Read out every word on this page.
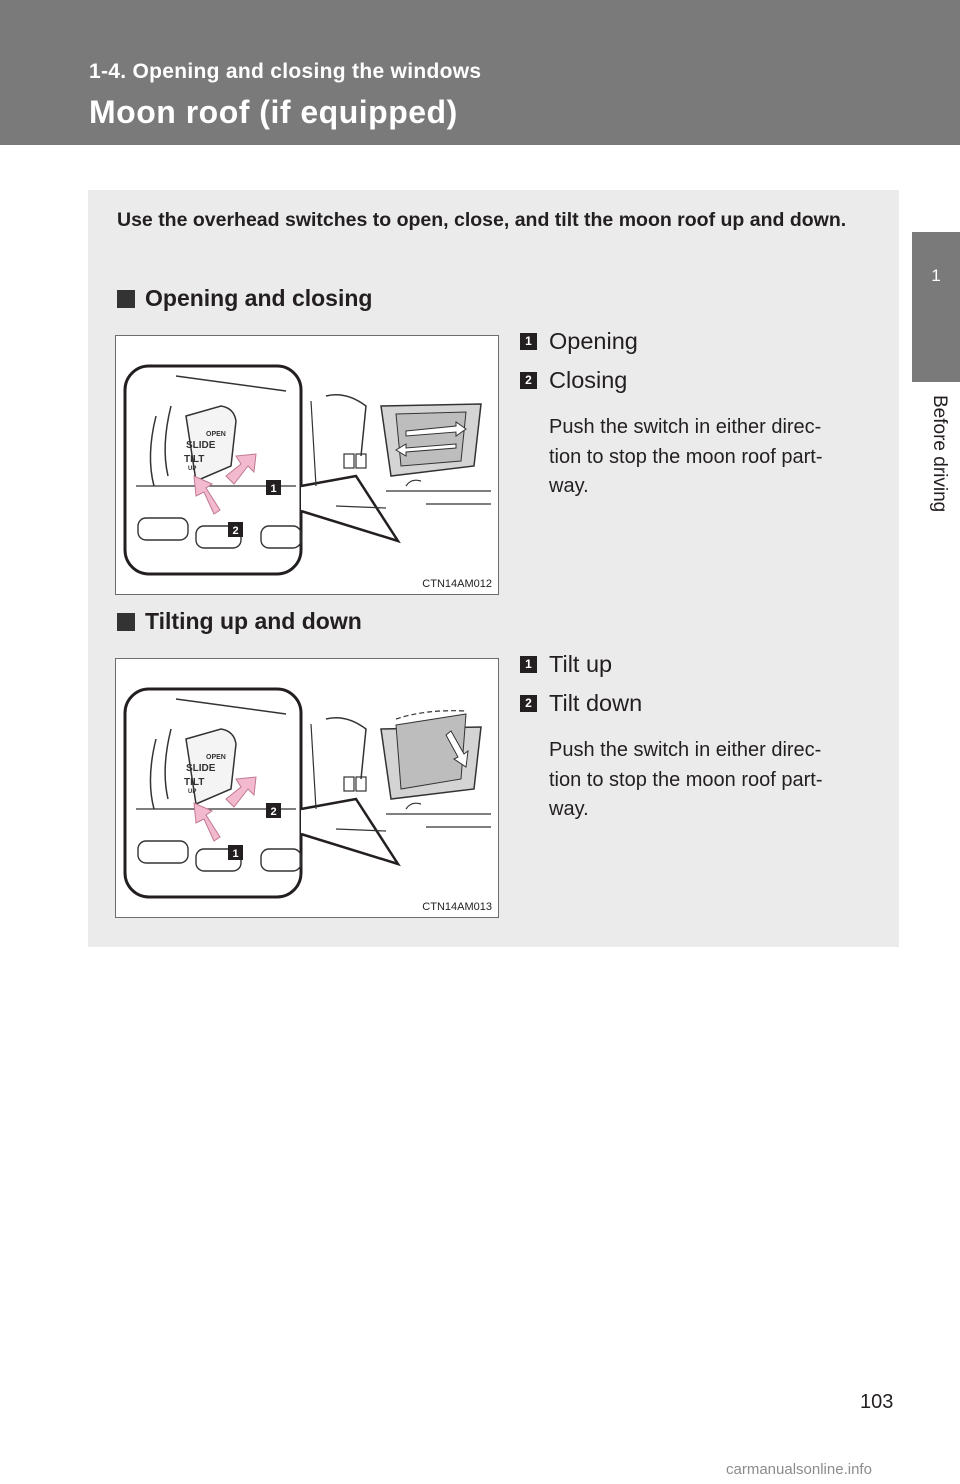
1-4. Opening and closing the windows
Moon roof (if equipped)
1
Before driving
Use the overhead switches to open, close, and tilt the moon roof up and down.
Opening and closing
OPEN
SLIDE
TILT
UP
1
2
CTN14AM012
1 Opening
2 Closing
Push the switch in either direc-
tion to stop the moon roof part-
way.
Tilting up and down
OPEN
SLIDE
TILT
UP
2
1
CTN14AM013
1 Tilt up
2 Tilt down
Push the switch in either direc-
tion to stop the moon roof part-
way.
103
carmanualsonline.info
